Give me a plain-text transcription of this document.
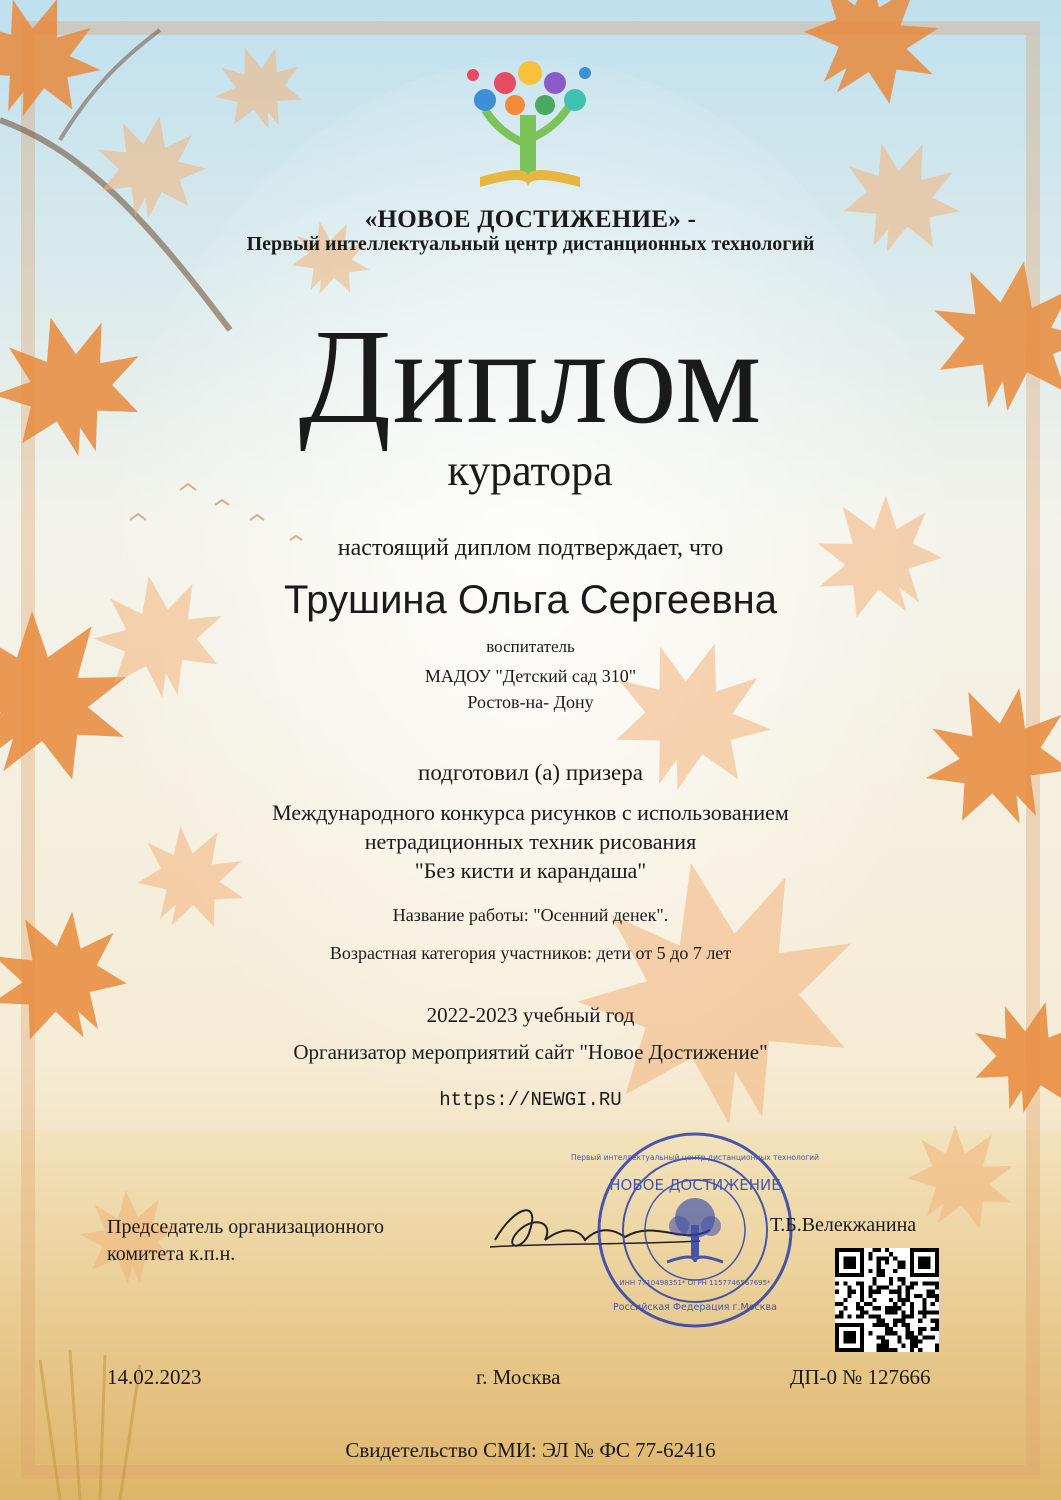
«НОВОЕ ДОСТИЖЕНИЕ» -
Первый интеллектуальный центр дистанционных технологий
Диплом
куратора
настоящий диплом подтверждает, что
Трушина Ольга Сергеевна
воспитатель
МАДОУ "Детский сад 310"
Ростов-на- Дону
подготовил (а) призера
Международного конкурса рисунков с использованием
нетрадиционных техник рисования
"Без кисти и карандаша"
Название работы: "Осенний денек".
Возрастная категория участников: дети от 5 до 7 лет
2022-2023 учебный год
Организатор мероприятий сайт "Новое Достижение"
https://NEWGI.RU
Председатель организационного
комитета к.п.н.
НОВОЕ ДОСТИЖЕНИЕ
Первый интеллектуальный центр дистанционных технологий
ИНН 7710498351* ОГРН 1157746567695*
Российская Федерация г.Москва
Т.Б.Велекжанина
14.02.2023	г. Москва	ДП-0 № 127666
Свидетельство СМИ: ЭЛ № ФС 77-62416
